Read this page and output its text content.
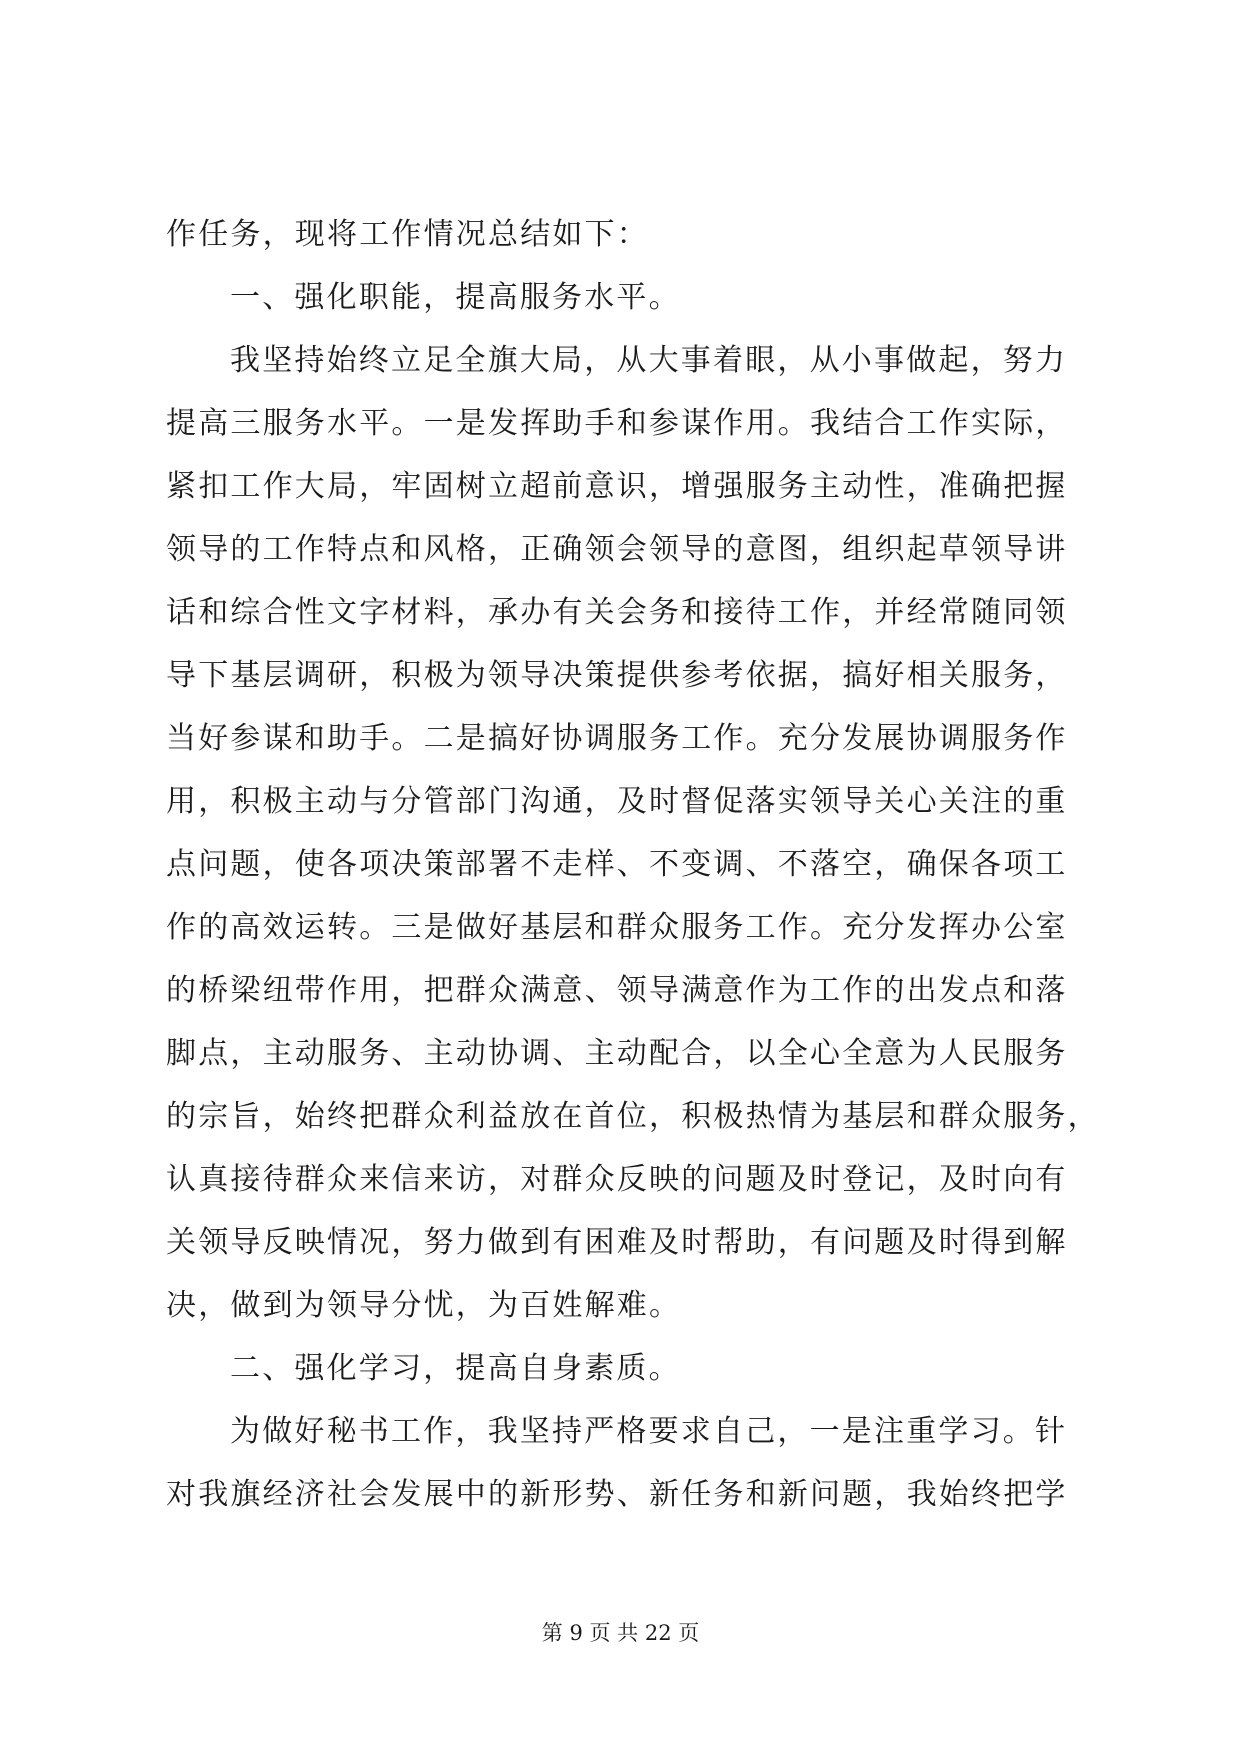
作任务，现将工作情况总结如下：
一、强化职能，提高服务水平。
我坚持始终立足全旗大局，从大事着眼，从小事做起，努力
提高三服务水平。一是发挥助手和参谋作用。我结合工作实际，
紧扣工作大局，牢固树立超前意识，增强服务主动性，准确把握
领导的工作特点和风格，正确领会领导的意图，组织起草领导讲
话和综合性文字材料，承办有关会务和接待工作，并经常随同领
导下基层调研，积极为领导决策提供参考依据，搞好相关服务，
当好参谋和助手。二是搞好协调服务工作。充分发展协调服务作
用，积极主动与分管部门沟通，及时督促落实领导关心关注的重
点问题，使各项决策部署不走样、不变调、不落空，确保各项工
作的高效运转。三是做好基层和群众服务工作。充分发挥办公室
的桥梁纽带作用，把群众满意、领导满意作为工作的出发点和落
脚点，主动服务、主动协调、主动配合，以全心全意为人民服务
的宗旨，始终把群众利益放在首位，积极热情为基层和群众服务，
认真接待群众来信来访，对群众反映的问题及时登记，及时向有
关领导反映情况，努力做到有困难及时帮助，有问题及时得到解
决，做到为领导分忧，为百姓解难。
二、强化学习，提高自身素质。
为做好秘书工作，我坚持严格要求自己，一是注重学习。针
对我旗经济社会发展中的新形势、新任务和新问题，我始终把学
第 9 页 共 22 页
